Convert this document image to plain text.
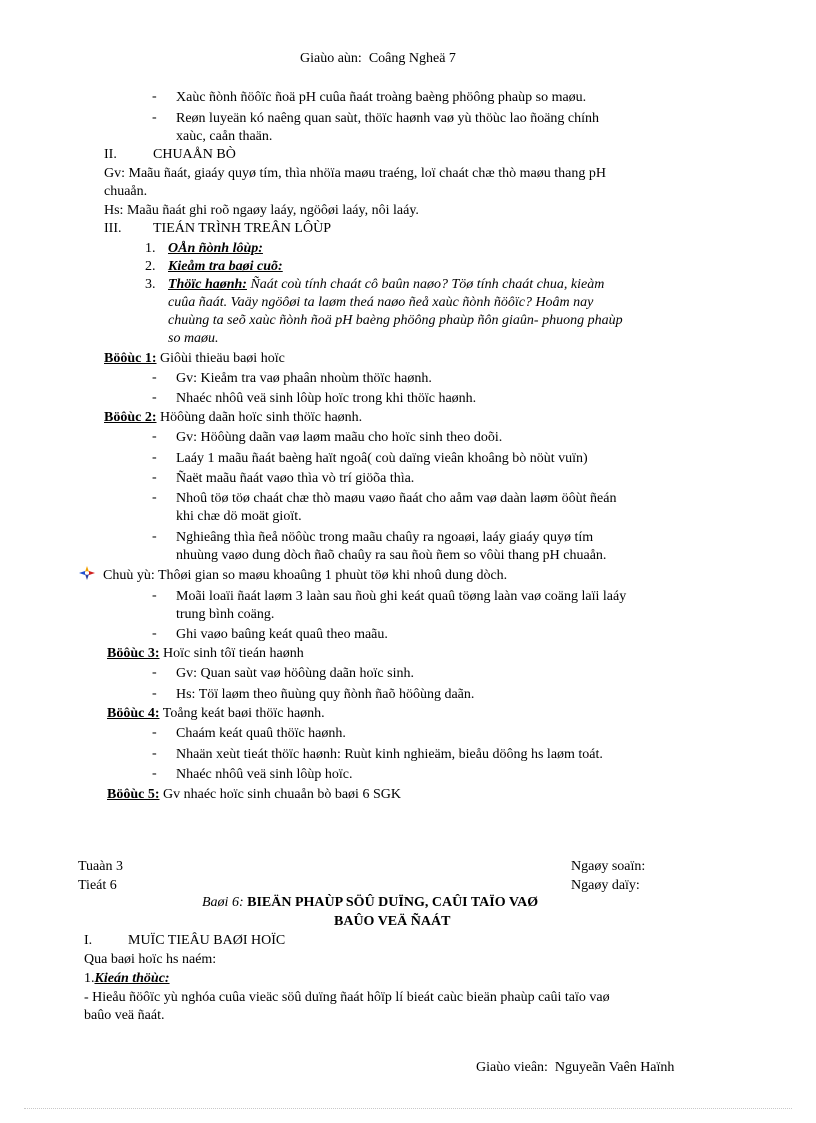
Giaùo aùn: Coâng Ngheä 7
- Xaùc ñònh ñöôïc ñoä pH cuûa ñaát troàng baèng phöông phaùp so maøu.
- Reøn luyeän kó naêng quan saùt, thöïc haønh vaø yù thöùc lao ñoäng chính
xaùc, caån thaän.
II.	CHUAÅN BÒ
Gv: Maãu ñaát, giaáy quyø tím, thìa nhöïa maøu traéng, loï chaát chæ thò maøu thang pH
chuaån.
Hs: Maãu ñaát ghi roõ ngaøy laáy, ngöôøi laáy, nôi laáy.
III. TIEÁN TRÌNH TREÂN LÔÙP
1. OÅn ñònh lôùp:
2. Kieåm tra baøi cuõ:
3. Thöïc haønh: Ñaát coù tính chaát cô baûn naøo? Töø tính chaát chua, kieàm
cuûa ñaát. Vaäy ngöôøi ta laøm theá naøo ñeå xaùc ñònh ñöôïc? Hoâm nay
chuùng ta seõ xaùc ñònh ñoä pH baèng phöông phaùp ñôn giaûn- phuong phaùp
so maøu.
Böôùc 1: Giôùi thieäu baøi hoïc
- Gv: Kieåm tra vaø phaân nhoùm thöïc haønh.
- Nhaéc nhôû veä sinh lôùp hoïc trong khi thöïc haønh.
Böôùc 2: Höôùng daãn hoïc sinh thöïc haønh.
- Gv: Höôùng daãn vaø laøm maãu cho hoïc sinh theo doõi.
- Laáy 1 maãu ñaát baèng haït ngoâ( coù daïng vieân khoâng bò nöùt vuïn)
- Ñaët maãu ñaát vaøo thìa vò trí giöõa thìa.
- Nhoû töø töø chaát chæ thò maøu vaøo ñaát cho aåm vaø daàn laøm öôùt ñeán
khi chæ dö moät gioït.
- Nghieâng thìa ñeå nöôùc trong maãu chaûy ra ngoaøi, laáy giaáy quyø tím
nhuùng vaøo dung dòch ñaõ chaûy ra sau ñoù ñem so vôùi thang pH chuaån.
Chuù yù: Thôøi gian so maøu khoaûng 1 phuùt töø khi nhoû dung dòch.
- Moãi loaïi ñaát laøm 3 laàn sau ñoù ghi keát quaû töøng laàn vaø coäng laïi laáy
trung bình coäng.
- Ghi vaøo baûng keát quaû theo maãu.
Böôùc 3: Hoïc sinh tôï tieán haønh
- Gv: Quan saùt vaø höôùng daãn hoïc sinh.
- Hs: Töï laøm theo ñuùng quy ñònh ñaõ höôùng daãn.
Böôùc 4: Toång keát baøi thöïc haønh.
- Chaám keát quaû thöïc haønh.
- Nhaän xeùt tieát thöïc haønh: Ruùt kinh nghieäm, bieåu döông hs laøm toát.
- Nhaéc nhôû veä sinh lôùp hoïc.
Böôùc 5: Gv nhaéc hoïc sinh chuaån bò baøi 6 SGK
Tuaàn 3
Tieát 6
Ngaøy soaïn:
Ngaøy daïy:
Baøi 6: BIEÄN PHAÙP SÖÛ DUÏNG, CAÛI TAÏO VAØ
BAÛO VEÄ ÑAÁT
I.	MUÏC TIEÂU BAØI HOÏC
Qua baøi hoïc hs naém:
1.Kieán thöùc:
- Hieåu ñöôïc yù nghóa cuûa vieäc söû duïng ñaát hôïp lí bieát caùc bieän phaùp caûi taïo vaø
baûo veä ñaát.
Giaùo vieân: Nguyeãn Vaên Haïnh
